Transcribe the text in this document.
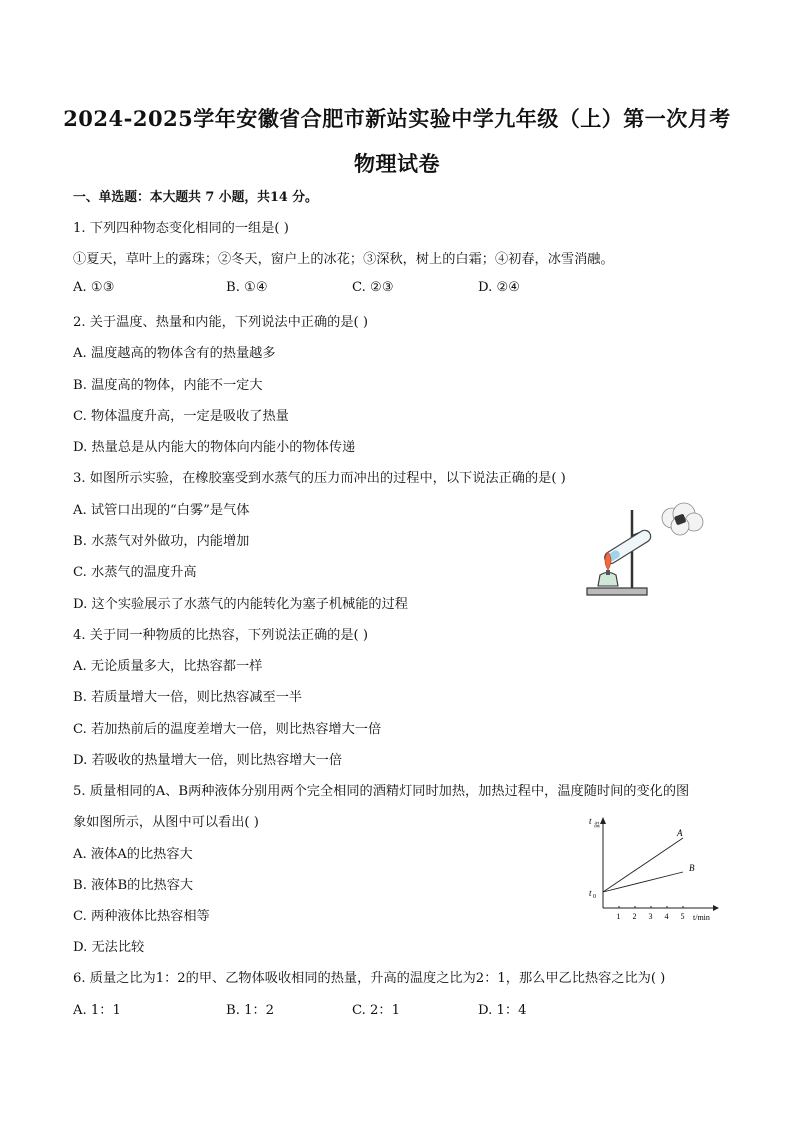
2024-2025学年安徽省合肥市新站实验中学九年级（上）第一次月考
物理试卷
一、单选题：本大题共 7 小题，共14 分。
1. 下列四种物态变化相同的一组是( )
①夏天，草叶上的露珠；②冬天，窗户上的冰花；③深秋，树上的白霜；④初春，冰雪消融。
A. ①③	B. ①④	C. ②③	D. ②④
2. 关于温度、热量和内能，下列说法中正确的是( )
A. 温度越高的物体含有的热量越多
B. 温度高的物体，内能不一定大
C. 物体温度升高，一定是吸收了热量
D. 热量总是从内能大的物体向内能小的物体传递
3. 如图所示实验，在橡胶塞受到水蒸气的压力而冲出的过程中，以下说法正确的是( )
A. 试管口出现的“白雾”是气体
B. 水蒸气对外做功，内能增加
C. 水蒸气的温度升高
D. 这个实验展示了水蒸气的内能转化为塞子机械能的过程
4. 关于同一种物质的比热容，下列说法正确的是( )
A. 无论质量多大，比热容都一样
B. 若质量增大一倍，则比热容减至一半
C. 若加热前后的温度差增大一倍，则比热容增大一倍
D. 若吸收的热量增大一倍，则比热容增大一倍
5. 质量相同的A、B两种液体分别用两个完全相同的酒精灯同时加热，加热过程中，温度随时间的变化的图
象如图所示，从图中可以看出( )
A. 液体A的比热容大
B. 液体B的比热容大
C. 两种液体比热容相等
D. 无法比较
t 温
t 0
1 2 3 4 5 t/min
A
B
6. 质量之比为1：2的甲、乙物体吸收相同的热量，升高的温度之比为2：1，那么甲乙比热容之比为( )
A. 1：1	B. 1：2	C. 2：1	D. 1：4
